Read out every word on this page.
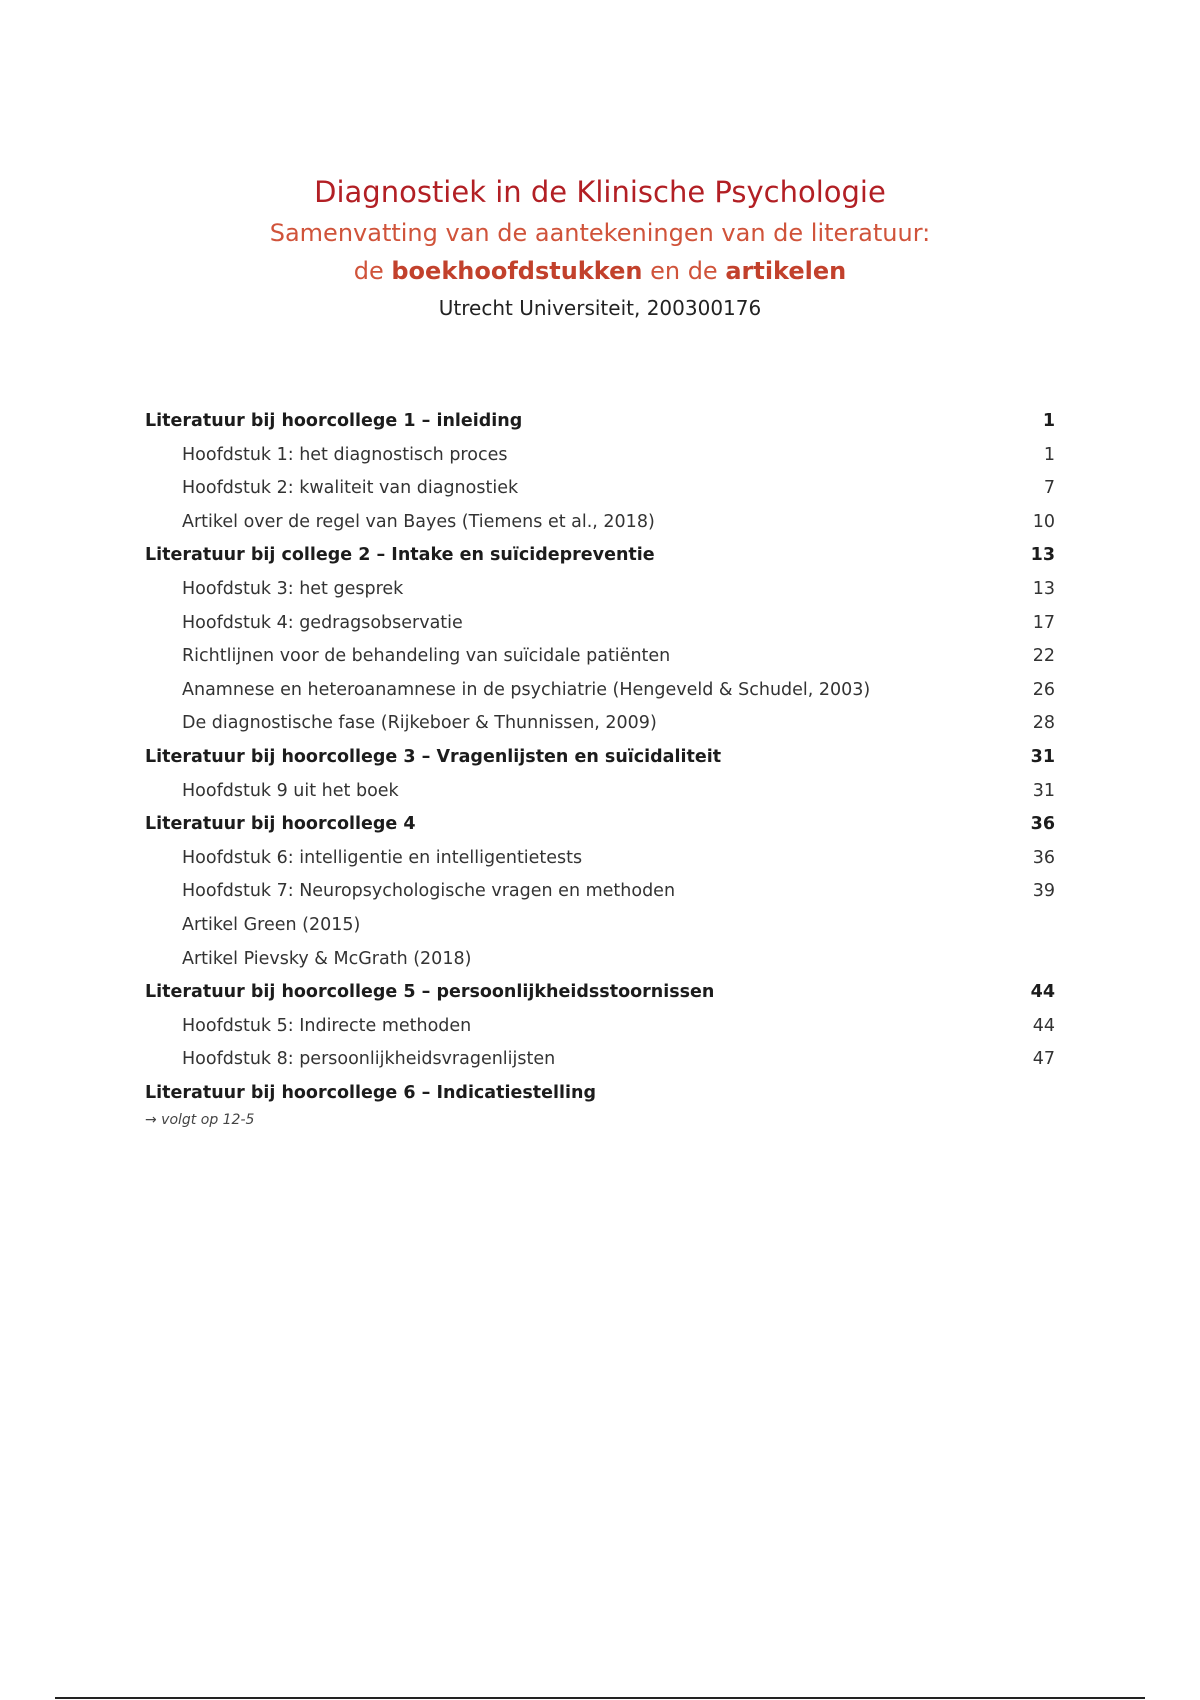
Diagnostiek in de Klinische Psychologie

Samenvatting van de aantekeningen van de literatuur:

de boekhoofdstukken en de artikelen

Utrecht Universiteit, 200300176

Literatuur bij hoorcollege 1 – inleiding	1
Hoofdstuk 1: het diagnostisch proces	1
Hoofdstuk 2: kwaliteit van diagnostiek	7
Artikel over de regel van Bayes (Tiemens et al., 2018)	10
Literatuur bij college 2 – Intake en suïcidepreventie	13
Hoofdstuk 3: het gesprek	13
Hoofdstuk 4: gedragsobservatie	17
Richtlijnen voor de behandeling van suïcidale patiënten	22
Anamnese en heteroanamnese in de psychiatrie (Hengeveld & Schudel, 2003)	26
De diagnostische fase (Rijkeboer & Thunnissen, 2009)	28
Literatuur bij hoorcollege 3 – Vragenlijsten en suïcidaliteit	31
Hoofdstuk 9 uit het boek	31
Literatuur bij hoorcollege 4	36
Hoofdstuk 6: intelligentie en intelligentietests	36
Hoofdstuk 7: Neuropsychologische vragen en methoden	39
Artikel Green (2015)
Artikel Pievsky & McGrath (2018)
Literatuur bij hoorcollege 5 – persoonlijkheidsstoornissen	44
Hoofdstuk 5: Indirecte methoden	44
Hoofdstuk 8: persoonlijkheidsvragenlijsten	47
Literatuur bij hoorcollege 6 – Indicatiestelling
→ volgt op 12-5
